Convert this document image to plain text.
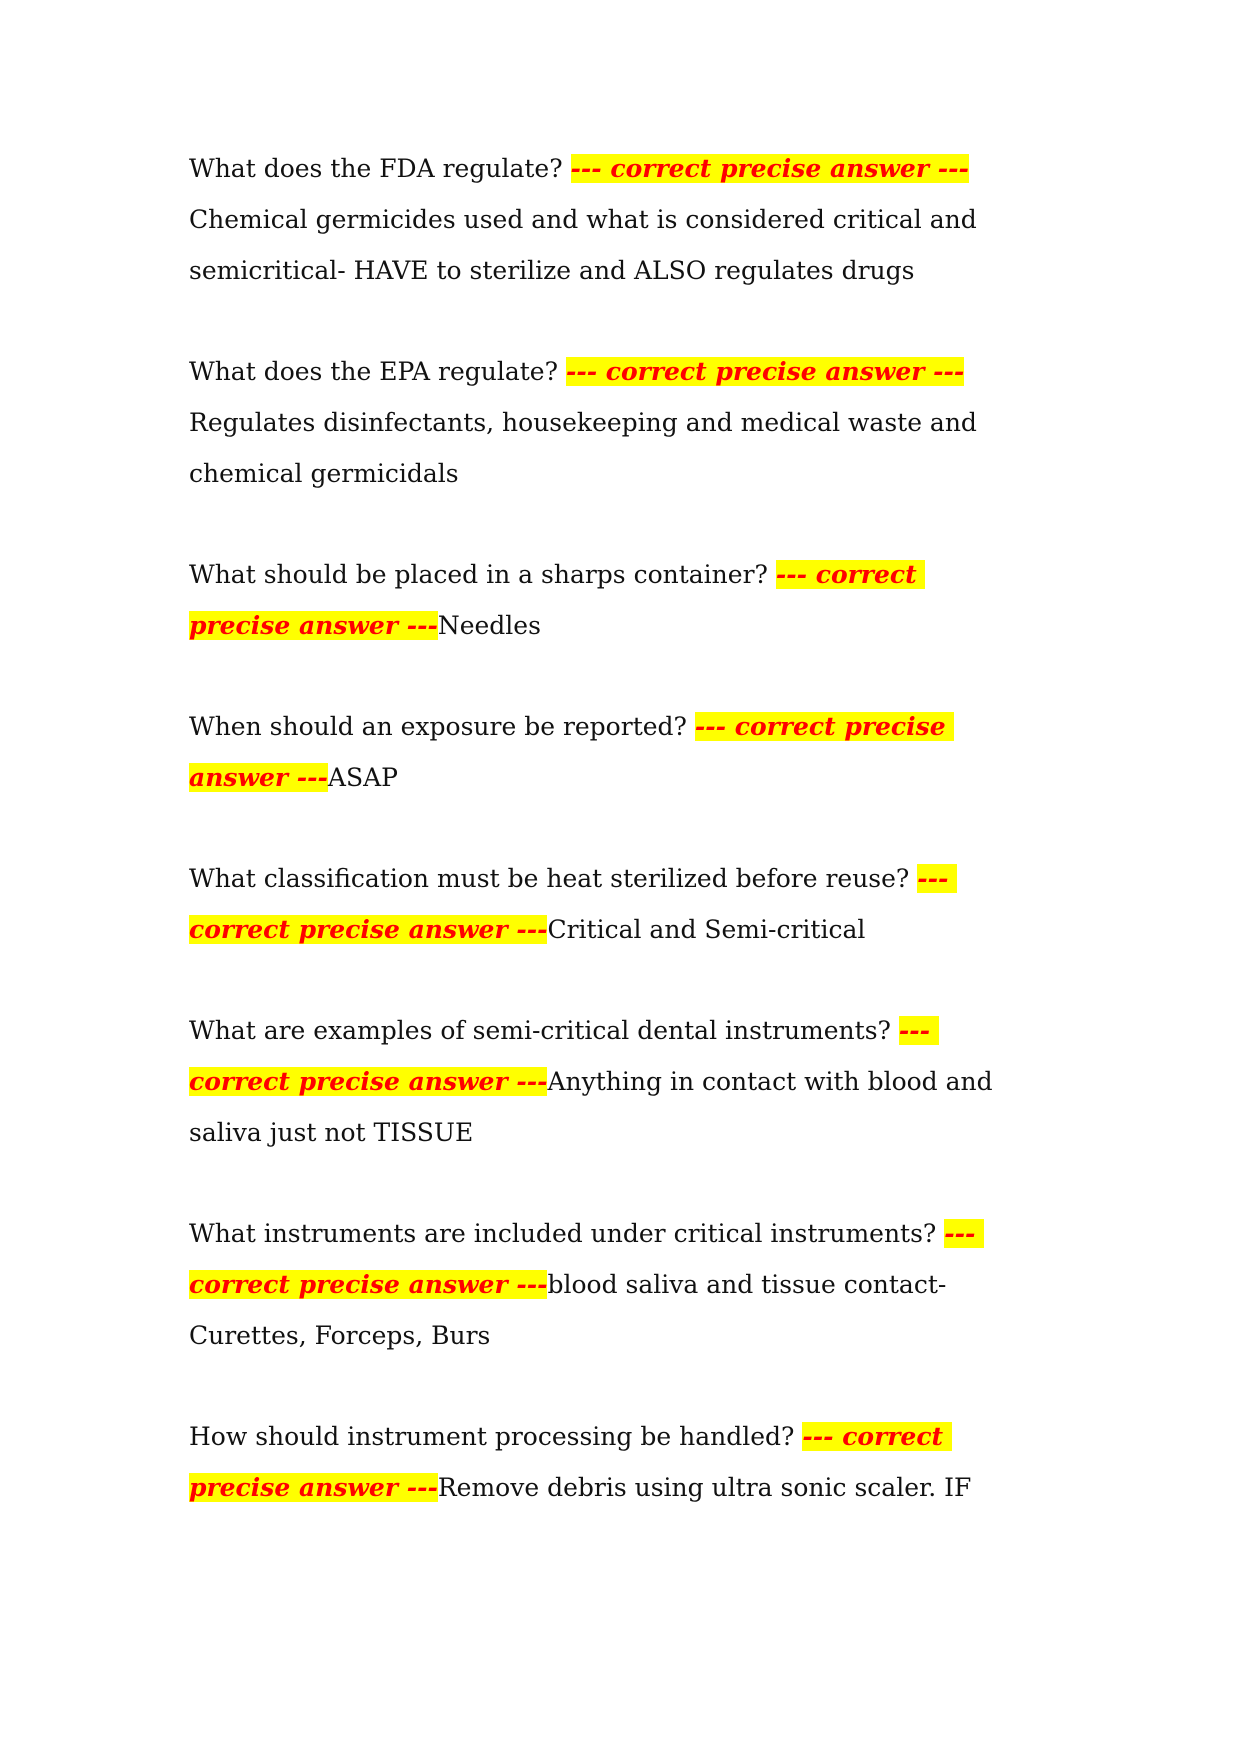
What does the FDA regulate? --- correct precise answer ---
Chemical germicides used and what is considered critical and
semicritical- HAVE to sterilize and ALSO regulates drugs
What does the EPA regulate? --- correct precise answer ---
Regulates disinfectants, housekeeping and medical waste and
chemical germicidals
What should be placed in a sharps container? --- correct
precise answer ---Needles
When should an exposure be reported? --- correct precise
answer ---ASAP
What classification must be heat sterilized before reuse? ---
correct precise answer ---Critical and Semi-critical
What are examples of semi-critical dental instruments? ---
correct precise answer ---Anything in contact with blood and
saliva just not TISSUE
What instruments are included under critical instruments? ---
correct precise answer ---blood saliva and tissue contact-
Curettes, Forceps, Burs
How should instrument processing be handled? --- correct
precise answer ---Remove debris using ultra sonic scaler. IF
